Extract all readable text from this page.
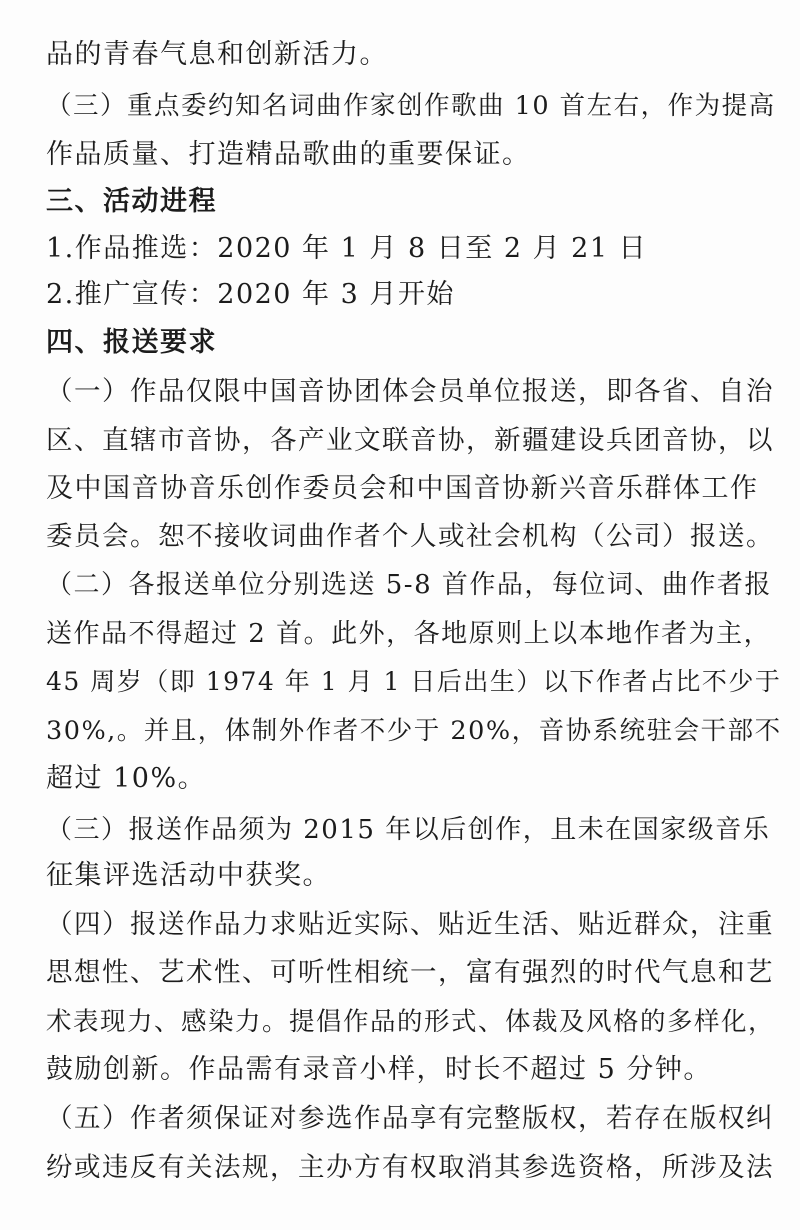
品的青春气息和创新活力。
（三）重点委约知名词曲作家创作歌曲 10 首左右，作为提高
作品质量、打造精品歌曲的重要保证。
三、活动进程
1.作品推选：2020 年 1 月 8 日至 2 月 21 日
2.推广宣传：2020 年 3 月开始
四、报送要求
（一）作品仅限中国音协团体会员单位报送，即各省、自治
区、直辖市音协，各产业文联音协，新疆建设兵团音协，以
及中国音协音乐创作委员会和中国音协新兴音乐群体工作
委员会。恕不接收词曲作者个人或社会机构（公司）报送。
（二）各报送单位分别选送 5-8 首作品，每位词、曲作者报
送作品不得超过 2 首。此外，各地原则上以本地作者为主，
45 周岁（即 1974 年 1 月 1 日后出生）以下作者占比不少于
30%,。并且，体制外作者不少于 20%，音协系统驻会干部不
超过 10%。
（三）报送作品须为 2015 年以后创作，且未在国家级音乐
征集评选活动中获奖。
（四）报送作品力求贴近实际、贴近生活、贴近群众，注重
思想性、艺术性、可听性相统一，富有强烈的时代气息和艺
术表现力、感染力。提倡作品的形式、体裁及风格的多样化，
鼓励创新。作品需有录音小样，时长不超过 5 分钟。
（五）作者须保证对参选作品享有完整版权，若存在版权纠
纷或违反有关法规，主办方有权取消其参选资格，所涉及法
